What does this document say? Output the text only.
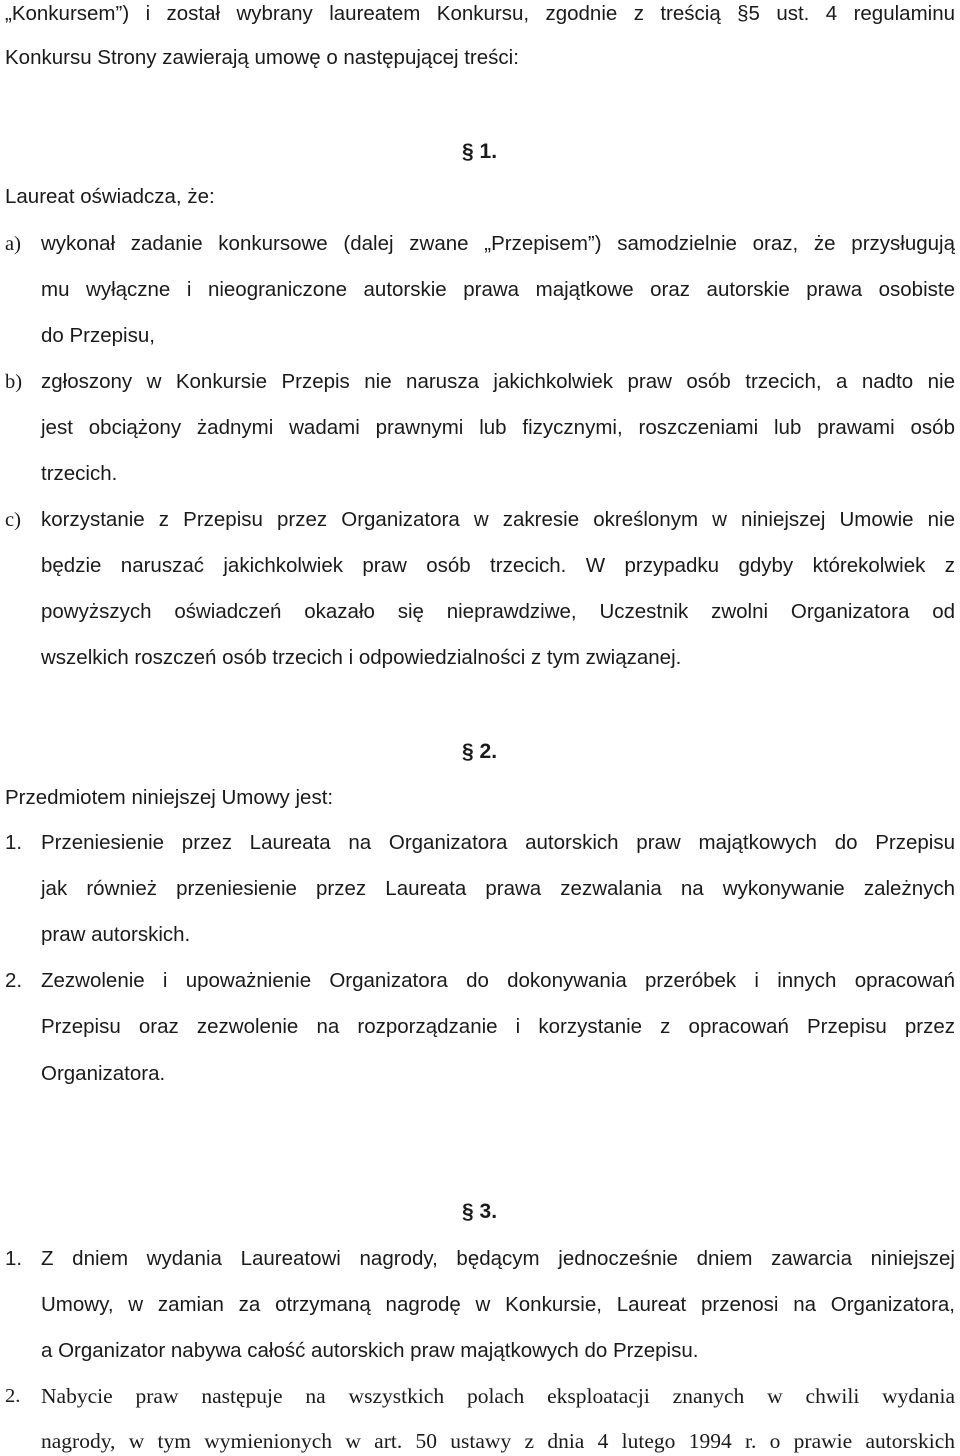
„Konkursem”) i został wybrany laureatem Konkursu, zgodnie z treścią §5 ust. 4 regulaminu
Konkursu Strony zawierają umowę o następującej treści:
§ 1.
Laureat oświadcza, że:
a) wykonał zadanie konkursowe (dalej zwane „Przepisem”) samodzielnie oraz, że przysługują
mu wyłączne i nieograniczone autorskie prawa majątkowe oraz autorskie prawa osobiste
do Przepisu,
b) zgłoszony w Konkursie Przepis nie narusza jakichkolwiek praw osób trzecich, a nadto nie
jest obciążony żadnymi wadami prawnymi lub fizycznymi, roszczeniami lub prawami osób
trzecich.
c) korzystanie z Przepisu przez Organizatora w zakresie określonym w niniejszej Umowie nie
będzie naruszać jakichkolwiek praw osób trzecich. W przypadku gdyby którekolwiek z
powyższych oświadczeń okazało się nieprawdziwe, Uczestnik zwolni Organizatora od
wszelkich roszczeń osób trzecich i odpowiedzialności z tym związanej.
§ 2.
Przedmiotem niniejszej Umowy jest:
1. Przeniesienie przez Laureata na Organizatora autorskich praw majątkowych do Przepisu
jak również przeniesienie przez Laureata prawa zezwalania na wykonywanie zależnych
praw autorskich.
2. Zezwolenie i upoważnienie Organizatora do dokonywania przeróbek i innych opracowań
Przepisu oraz zezwolenie na rozporządzanie i korzystanie z opracowań Przepisu przez
Organizatora.
§ 3.
1. Z dniem wydania Laureatowi nagrody, będącym jednocześnie dniem zawarcia niniejszej
Umowy, w zamian za otrzymaną nagrodę w Konkursie, Laureat przenosi na Organizatora,
a Organizator nabywa całość autorskich praw majątkowych do Przepisu.
2. Nabycie praw następuje na wszystkich polach eksploatacji znanych w chwili wydania
nagrody, w tym wymienionych w art. 50 ustawy z dnia 4 lutego 1994 r. o prawie autorskich
